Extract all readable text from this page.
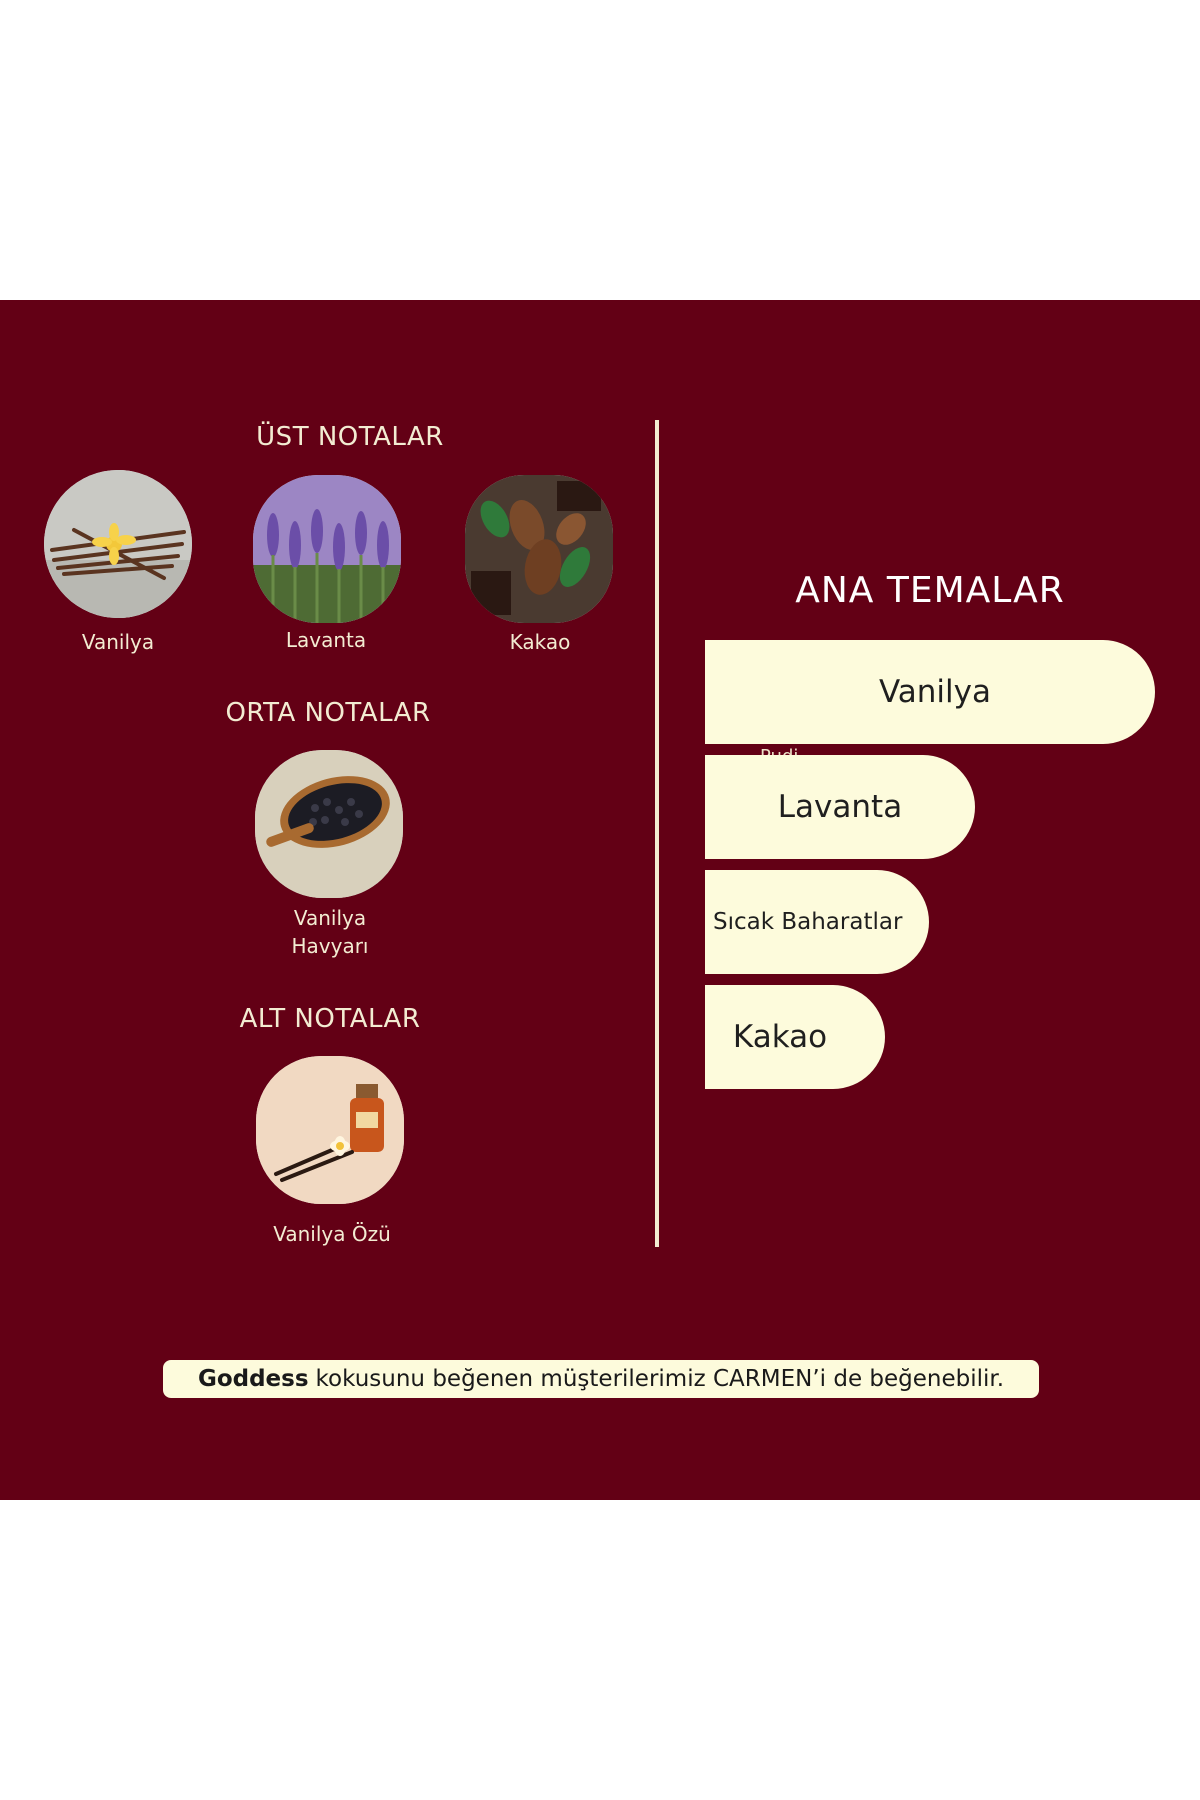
ÜST NOTALAR
Vanilya	Lavanta	Kakao
ORTA NOTALAR
Vanilya
Havyarı
ALT NOTALAR
Vanilya Özü
ANA TEMALAR
Vanilya
Lavanta
Sıcak Baharatlar
Kakao
Goddess kokusunu beğenen müşterilerimiz CARMEN’i de beğenebilir.
